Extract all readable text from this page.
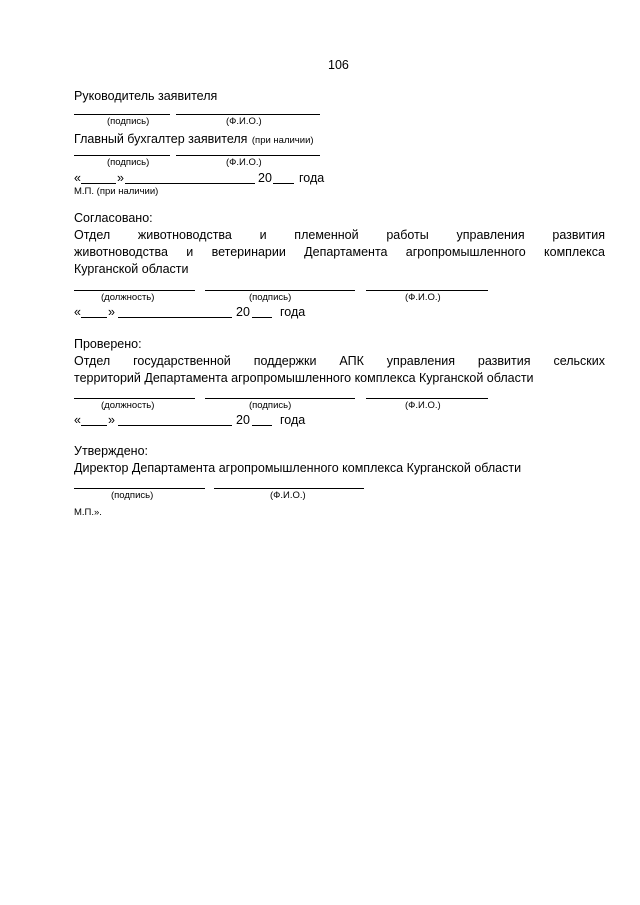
106
Руководитель заявителя
(подпись)	(Ф.И.О.)
Главный бухгалтер заявителя (при наличии)
(подпись)	(Ф.И.О.)
«	»	20 года
М.П. (при наличии)
Согласовано:
Отдел животноводства и племенной работы управления развития
животноводства и ветеринарии Департамента агропромышленного комплекса
Курганской области
(должность)	(подпись)	(Ф.И.О.)
« »	20 года
Проверено:
Отдел государственной поддержки АПК управления развития сельских
территорий Департамента агропромышленного комплекса Курганской области
(должность)	(подпись)	(Ф.И.О.)
« »	20 года
Утверждено:
Директор Департамента агропромышленного комплекса Курганской области
(подпись)	(Ф.И.О.)
М.П.».
